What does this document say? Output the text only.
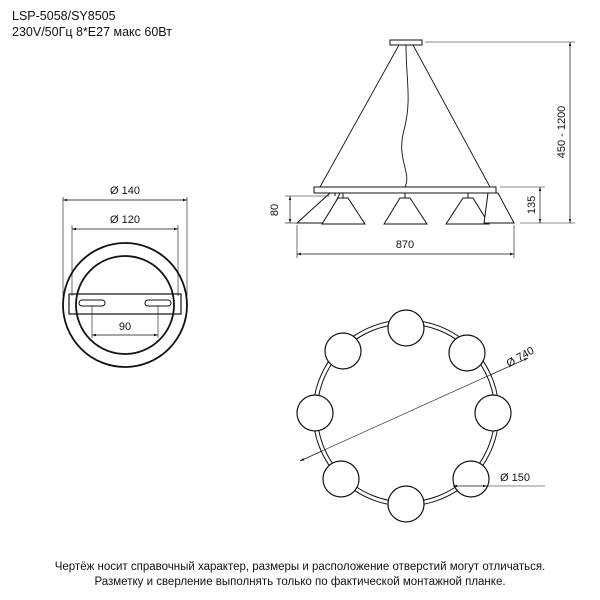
LSP-5058/SY8505
230V/50Гц 8*E27 макс 60Вт
Ø 140
Ø 120
90
450 - 1200
135
80
870
Ø 740
Ø 150
Чертёж носит справочный характер, размеры и расположение отверстий могут отличаться.
Разметку и сверление выполнять только по фактической монтажной планке.
